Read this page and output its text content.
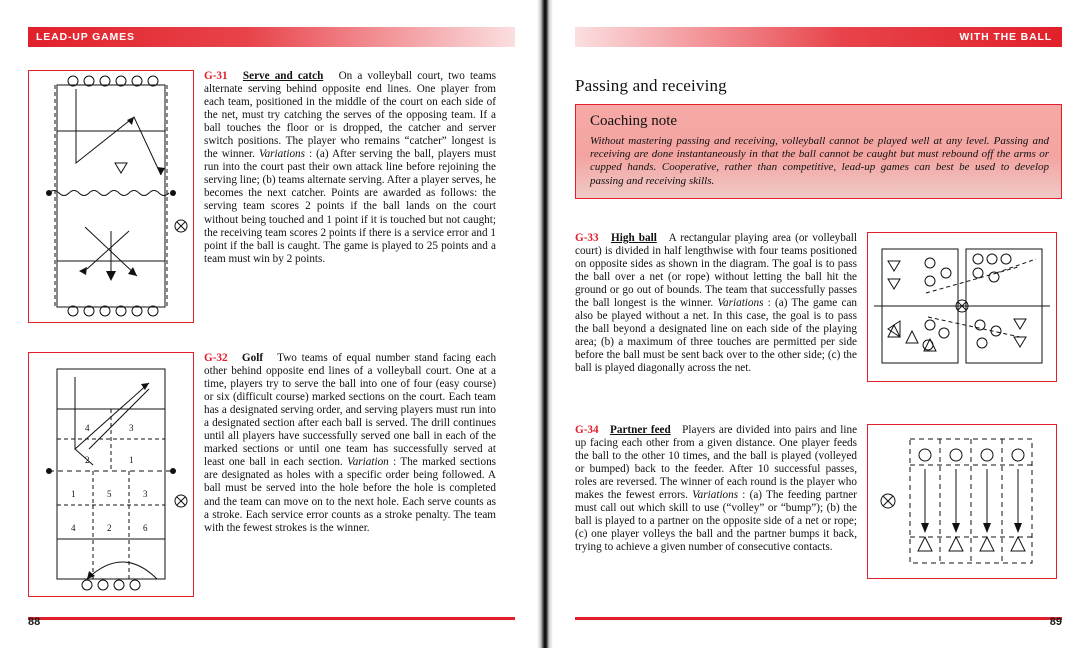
LEAD-UP GAMES
G-31 Serve and catch On a volleyball court, two teams alternate serving behind opposite end lines. One player from each team, positioned in the middle of the court on each side of the net, must try catching the serves of the opposing team. If a ball touches the floor or is dropped, the catcher and server switch positions. The player who remains “catcher” longest is the winner. Variations : (a) After serving the ball, players must run into the court past their own attack line before rejoining the serving line; (b) teams alternate serving. After a player serves, he becomes the next catcher. Points are awarded as follows: the serving team scores 2 points if the ball lands on the court without being touched and 1 point if it is touched but not caught; the receiving team scores 2 points if there is a service error and 1 point if the ball is caught. The game is played to 25 points and a team must win by 2 points.
4	3
2	1
1	5	3
4	2	6
G-32 Golf Two teams of equal number stand facing each other behind opposite end lines of a volleyball court. One at a time, players try to serve the ball into one of four (easy course) or six (difficult course) marked sections on the court. Each team has a designated serving order, and serving players must run into a designated section after each ball is served. The drill continues until all players have successfully served one ball in each of the marked sections or until one team has successfully served at least one ball in each section. Variation : The marked sections are designated as holes with a specific order being followed. A ball must be served into the hole before the hole is completed and the team can move on to the next hole. Each serve counts as a stroke. Each service error counts as a stroke penalty. The team with the fewest strokes is the winner.
88
WITH THE BALL
Passing and receiving
Coaching note

Without mastering passing and receiving, volleyball cannot be played well at any level. Passing and receiving are done instantaneously in that the ball cannot be caught but must rebound off the arms or cupped hands. Cooperative, rather than competitive, lead-up games can best be used to develop passing and receiving skills.

G-33 High ball A rectangular playing area (or volleyball court) is divided in half lengthwise with four teams positioned on opposite sides as shown in the diagram. The goal is to pass the ball over a net (or rope) without letting the ball hit the ground or go out of bounds. The team that successfully passes the ball longest is the winner. Variations : (a) The game can also be played without a net. In this case, the goal is to pass the ball beyond a designated line on each side of the playing area; (b) a maximum of three touches are permitted per side before the ball must be sent back over to the other side; (c) the ball is played diagonally across the net.
G-34 Partner feed Players are divided into pairs and line up facing each other from a given distance. One player feeds the ball to the other 10 times, and the ball is played (volleyed or bumped) back to the feeder. After 10 successful passes, roles are reversed. The winner of each round is the player who makes the fewest errors. Variations : (a) The feeding partner must call out which skill to use (“volley” or “bump”); (b) the ball is played to a partner on the opposite side of a net or rope; (c) one player volleys the ball and the partner bumps it back, trying to achieve a given number of consecutive contacts.
89
